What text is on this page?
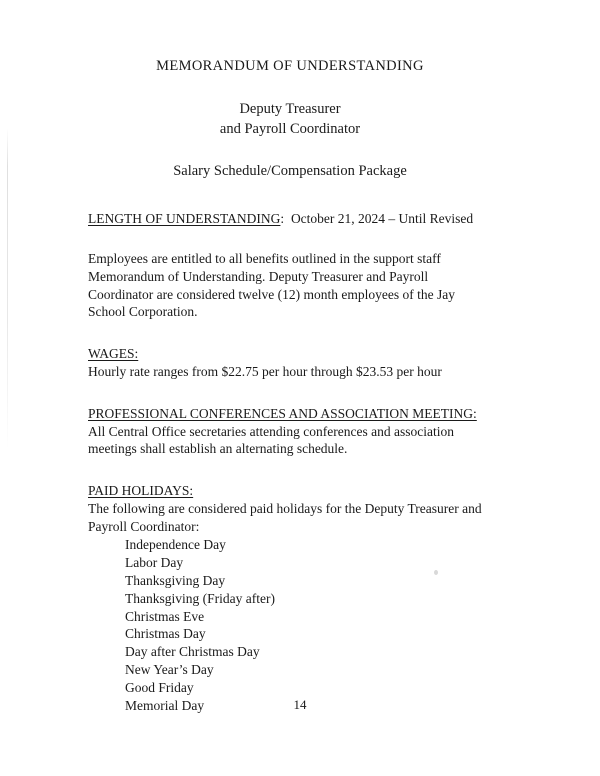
MEMORANDUM OF UNDERSTANDING
Deputy Treasurer
and Payroll Coordinator
Salary Schedule/Compensation Package
LENGTH OF UNDERSTANDING: October 21, 2024 – Until Revised

Employees are entitled to all benefits outlined in the support staff Memorandum of Understanding. Deputy Treasurer and Payroll Coordinator are considered twelve (12) month employees of the Jay School Corporation.

WAGES:

Hourly rate ranges from $22.75 per hour through $23.53 per hour

PROFESSIONAL CONFERENCES AND ASSOCIATION MEETING:

All Central Office secretaries attending conferences and association meetings shall establish an alternating schedule.

PAID HOLIDAYS:

The following are considered paid holidays for the Deputy Treasurer and Payroll Coordinator:

Independence Day
Labor Day
Thanksgiving Day
Thanksgiving (Friday after)
Christmas Eve
Christmas Day
Day after Christmas Day
New Year’s Day
Good Friday
Memorial Day	14
